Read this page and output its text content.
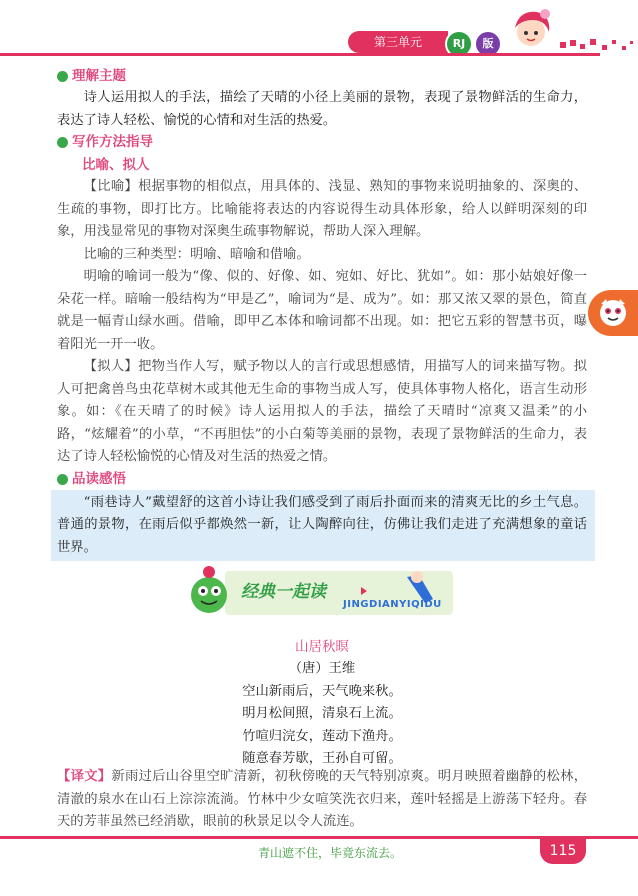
第三单元	RJ	版
理解主题

诗人运用拟人的手法，描绘了天晴的小径上美丽的景物，表现了景物鲜活的生命力，表达了诗人轻松、愉悦的心情和对生活的热爱。

写作方法指导
比喻、拟人

【比喻】根据事物的相似点，用具体的、浅显、熟知的事物来说明抽象的、深奥的、生疏的事物，即打比方。比喻能将表达的内容说得生动具体形象，给人以鲜明深刻的印象，用浅显常见的事物对深奥生疏事物解说，帮助人深入理解。

比喻的三种类型：明喻、暗喻和借喻。

明喻的喻词一般为“像、似的、好像、如、宛如、好比、犹如”。如：那小姑娘好像一朵花一样。暗喻一般结构为“甲是乙”，喻词为“是、成为”。如：那又浓又翠的景色，简直就是一幅青山绿水画。借喻，即甲乙本体和喻词都不出现。如：把它五彩的智慧书页，曝着阳光一开一收。

【拟人】把物当作人写，赋予物以人的言行或思想感情，用描写人的词来描写物。拟人可把禽兽鸟虫花草树木或其他无生命的事物当成人写，使具体事物人格化，语言生动形象。如：《在天晴了的时候》诗人运用拟人的手法，描绘了天晴时“凉爽又温柔”的小路，“炫耀着”的小草，“不再胆怯”的小白菊等美丽的景物，表现了景物鲜活的生命力，表达了诗人轻松愉悦的心情及对生活的热爱之情。

品读感悟

“雨巷诗人”戴望舒的这首小诗让我们感受到了雨后扑面而来的清爽无比的乡土气息。普通的景物，在雨后似乎都焕然一新，让人陶醉向往，仿佛让我们走进了充满想象的童话世界。

经典一起读
JINGDIANYIQIDU
山居秋暝
（唐）王维
空山新雨后，天气晚来秋。
明月松间照，清泉石上流。
竹喧归浣女，莲动下渔舟。
随意春芳歇，王孙自可留。

【译文】新雨过后山谷里空旷清新，初秋傍晚的天气特别凉爽。明月映照着幽静的松林，清澈的泉水在山石上淙淙流淌。竹林中少女喧笑洗衣归来，莲叶轻摇是上游荡下轻舟。春天的芳菲虽然已经消歇，眼前的秋景足以令人流连。

青山遮不住，毕竟东流去。	115
